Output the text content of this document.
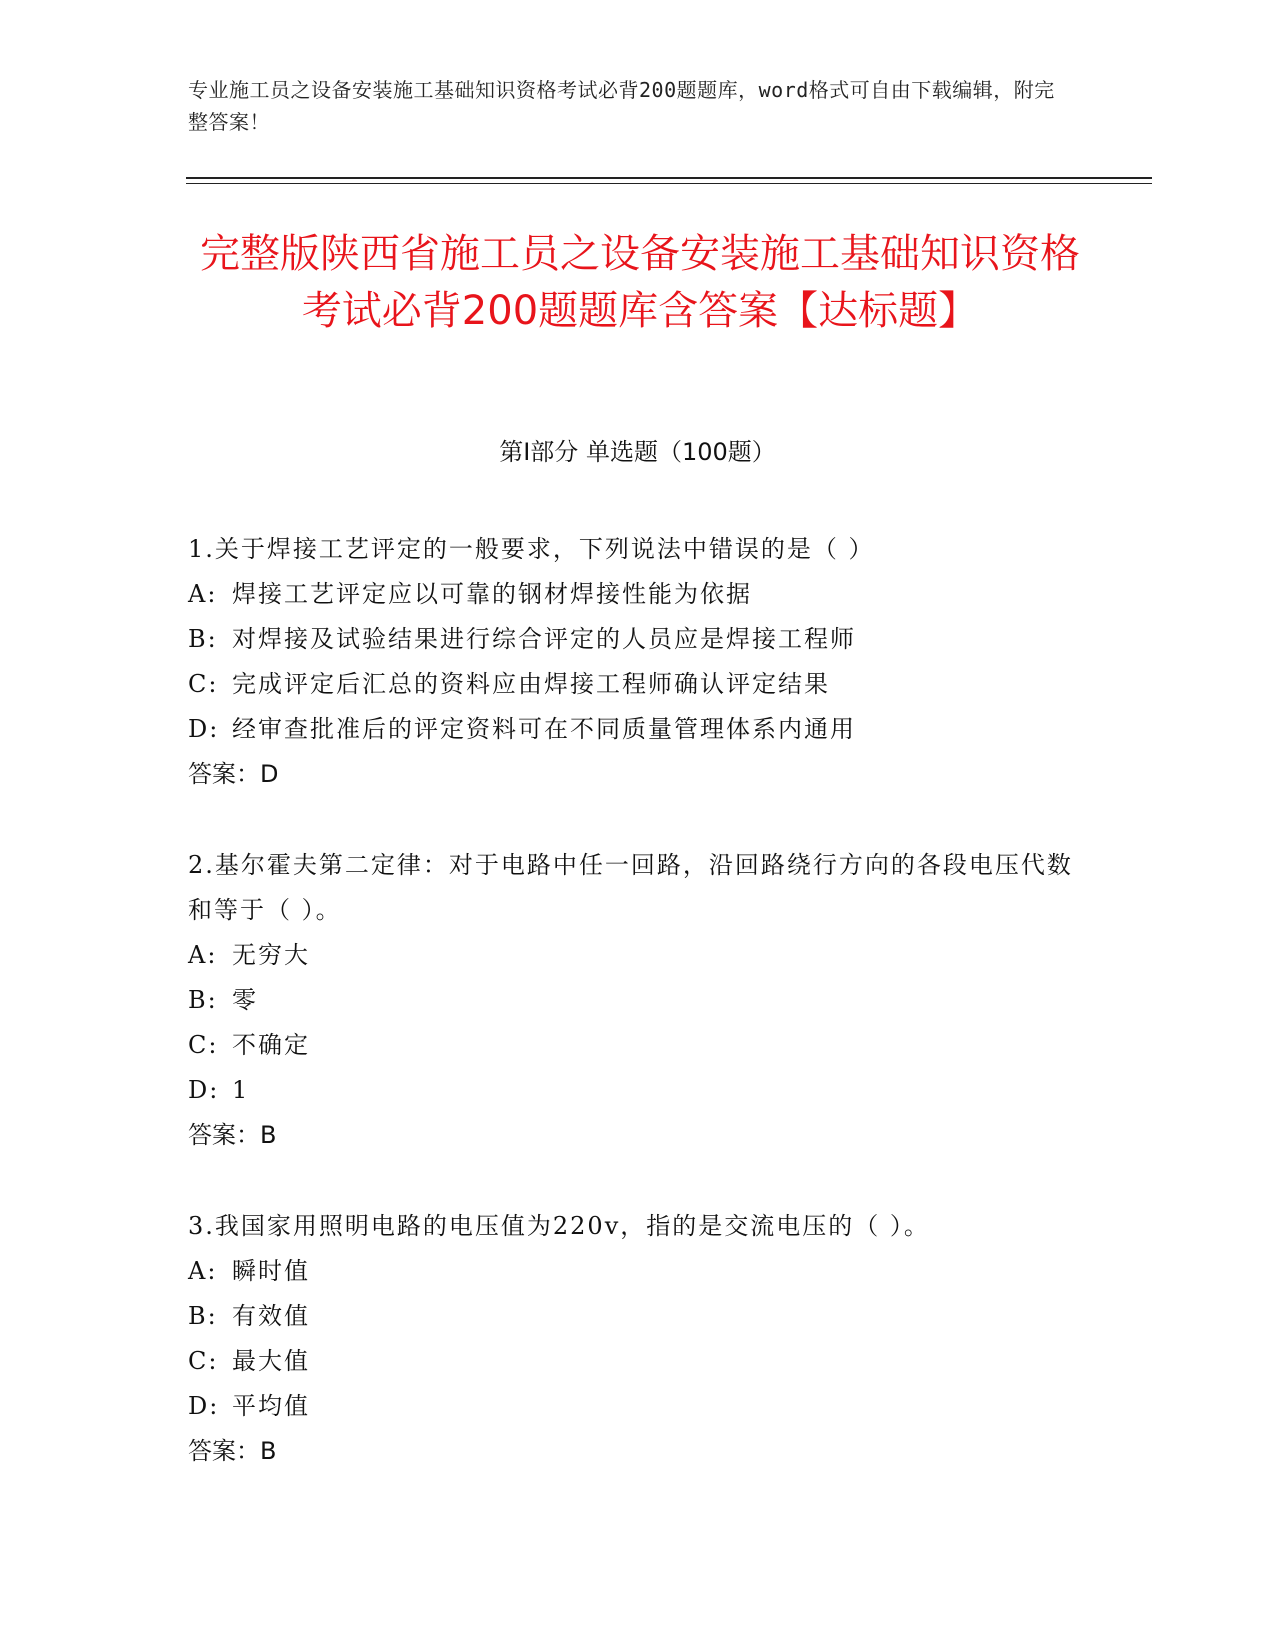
专业施工员之设备安装施工基础知识资格考试必背200题题库，word格式可自由下载编辑，附完整答案！
完整版陕西省施工员之设备安装施工基础知识资格考试必背200题题库含答案【达标题】
第I部分 单选题（100题）

1.关于焊接工艺评定的一般要求，下列说法中错误的是（ ）

A: 焊接工艺评定应以可靠的钢材焊接性能为依据

B: 对焊接及试验结果进行综合评定的人员应是焊接工程师

C: 完成评定后汇总的资料应由焊接工程师确认评定结果

D: 经审查批准后的评定资料可在不同质量管理体系内通用

答案：D

2.基尔霍夫第二定律：对于电路中任一回路，沿回路绕行方向的各段电压代数和等于（ ）。

A: 无穷大

B: 零

C: 不确定

D: 1

答案：B

3.我国家用照明电路的电压值为220v，指的是交流电压的（ ）。

A: 瞬时值

B: 有效值

C: 最大值

D: 平均值

答案：B
